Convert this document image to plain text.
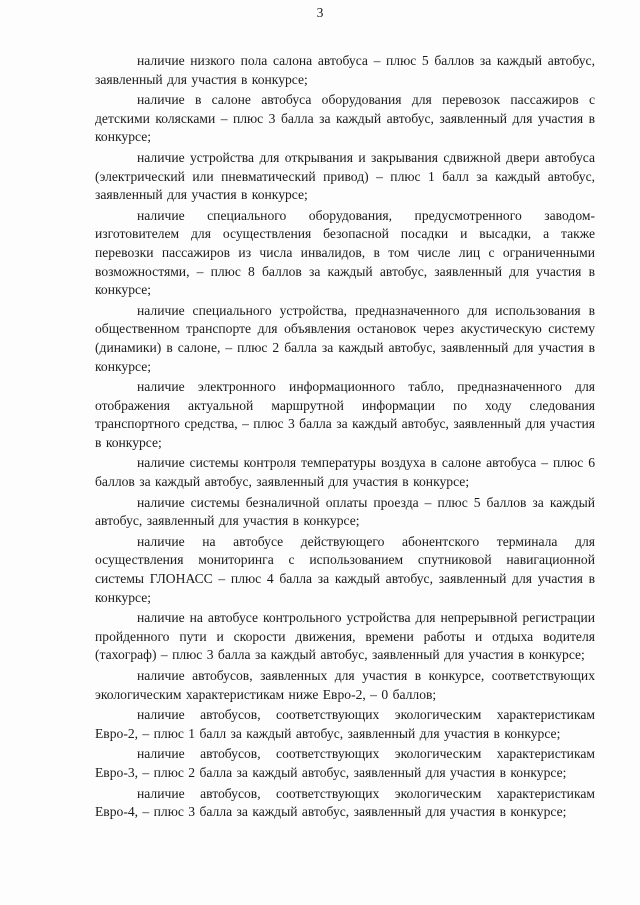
3

наличие низкого пола салона автобуса – плюс 5 баллов за каждый автобус, заявленный для участия в конкурсе;

наличие в салоне автобуса оборудования для перевозок пассажиров с детскими колясками – плюс 3 балла за каждый автобус, заявленный для участия в конкурсе;

наличие устройства для открывания и закрывания сдвижной двери автобуса (электрический или пневматический привод) – плюс 1 балл за каждый автобус, заявленный для участия в конкурсе;

наличие специального оборудования, предусмотренного заводом-изготовителем для осуществления безопасной посадки и высадки, а также перевозки пассажиров из числа инвалидов, в том числе лиц с ограниченными возможностями, – плюс 8 баллов за каждый автобус, заявленный для участия в конкурсе;

наличие специального устройства, предназначенного для использования в общественном транспорте для объявления остановок через акустическую систему (динамики) в салоне, – плюс 2 балла за каждый автобус, заявленный для участия в конкурсе;

наличие электронного информационного табло, предназначенного для отображения актуальной маршрутной информации по ходу следования транспортного средства, – плюс 3 балла за каждый автобус, заявленный для участия в конкурсе;

наличие системы контроля температуры воздуха в салоне автобуса – плюс 6 баллов за каждый автобус, заявленный для участия в конкурсе;

наличие системы безналичной оплаты проезда – плюс 5 баллов за каждый автобус, заявленный для участия в конкурсе;

наличие на автобусе действующего абонентского терминала для осуществления мониторинга с использованием спутниковой навигационной системы ГЛОНАСС – плюс 4 балла за каждый автобус, заявленный для участия в конкурсе;

наличие на автобусе контрольного устройства для непрерывной регистрации пройденного пути и скорости движения, времени работы и отдыха водителя (тахограф) – плюс 3 балла за каждый автобус, заявленный для участия в конкурсе;

наличие автобусов, заявленных для участия в конкурсе, соответствующих экологическим характеристикам ниже Евро-2, – 0 баллов;

наличие автобусов, соответствующих экологическим характеристикам Евро-2, – плюс 1 балл за каждый автобус, заявленный для участия в конкурсе;

наличие автобусов, соответствующих экологическим характеристикам Евро-3, – плюс 2 балла за каждый автобус, заявленный для участия в конкурсе;

наличие автобусов, соответствующих экологическим характеристикам Евро-4, – плюс 3 балла за каждый автобус, заявленный для участия в конкурсе;
